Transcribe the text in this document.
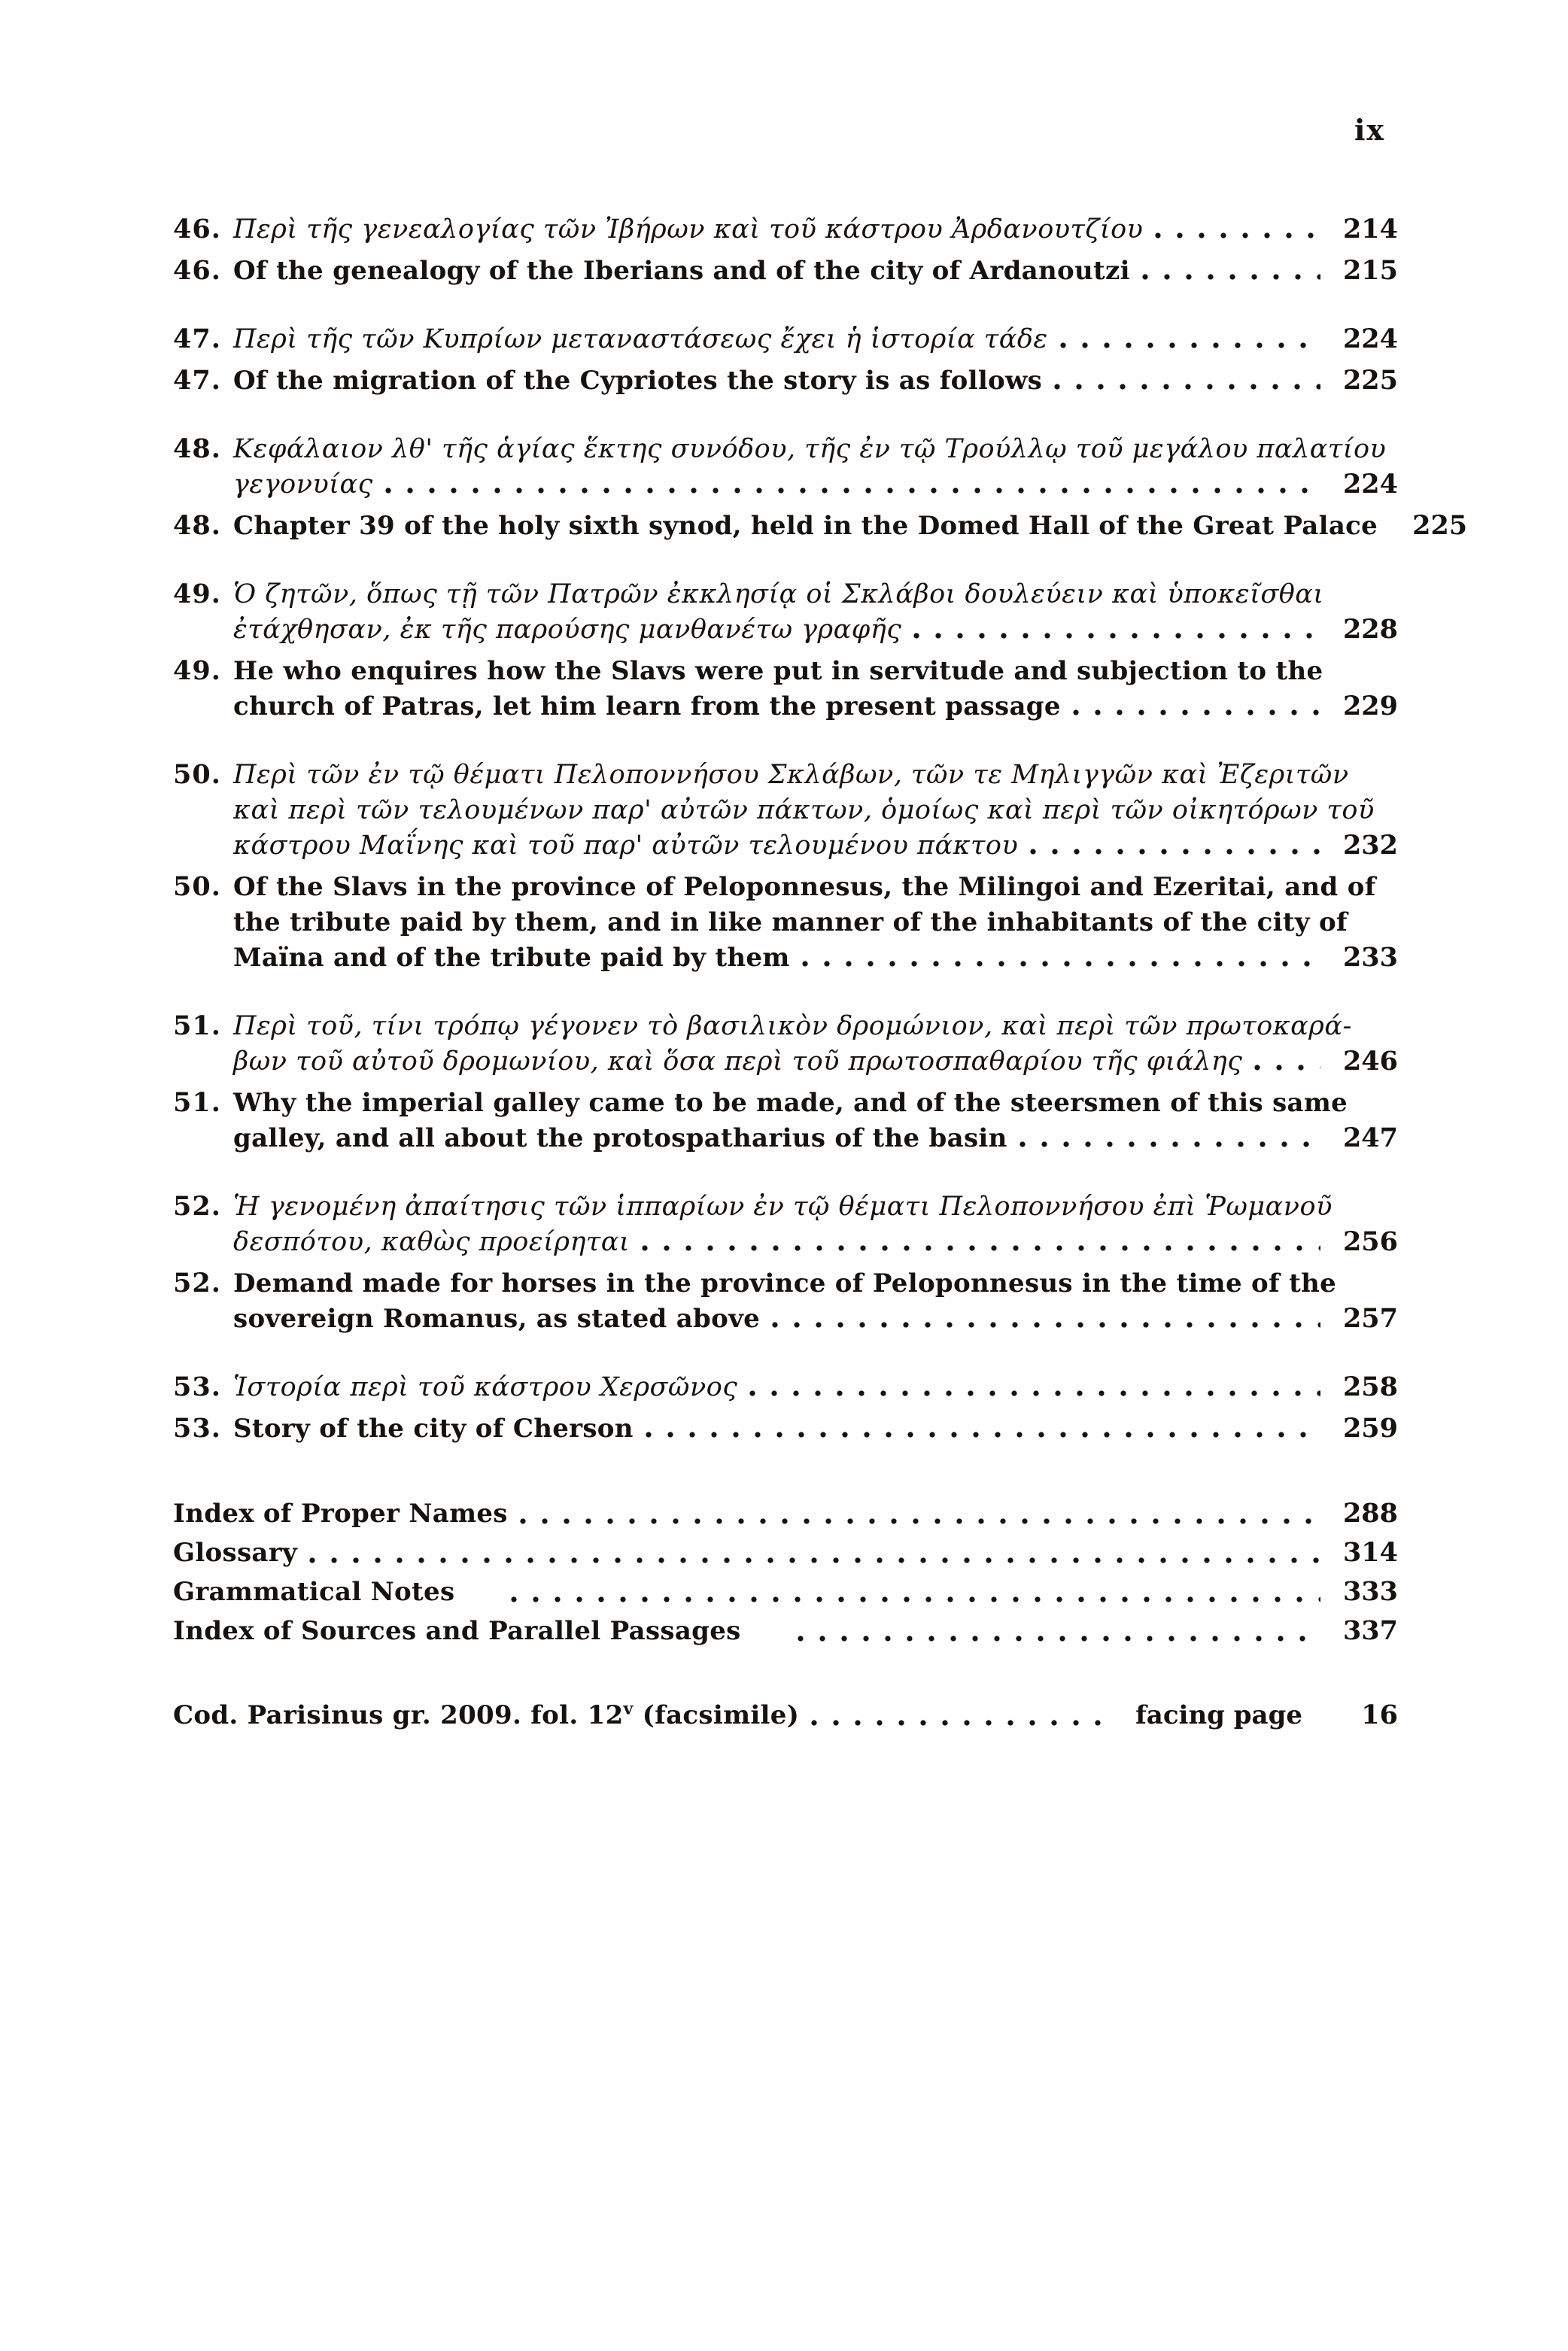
ix
46. Περὶ τῆς γενεαλογίας τῶν Ἰβήρων καὶ τοῦ κάστρου Ἀρδανουτζίου	214
46. Of the genealogy of the Iberians and of the city of Ardanoutzi	215
47. Περὶ τῆς τῶν Κυπρίων μεταναστάσεως ἔχει ἡ ἱστορία τάδε	224
47. Of the migration of the Cypriotes the story is as follows	225
48. Κεφάλαιον λθ' τῆς ἁγίας ἕκτης συνόδου, τῆς ἐν τῷ Τρούλλῳ τοῦ μεγάλου παλατίου
γεγονυίας	224
48. Chapter 39 of the holy sixth synod, held in the Domed Hall of the Great Palace 225
49. Ὁ ζητῶν, ὅπως τῇ τῶν Πατρῶν ἐκκλησίᾳ οἱ Σκλάβοι δουλεύειν καὶ ὑποκεῖσθαι
ἐτάχθησαν, ἐκ τῆς παρούσης μανθανέτω γραφῆς	228
49. He who enquires how the Slavs were put in servitude and subjection to the
church of Patras, let him learn from the present passage	229
50. Περὶ τῶν ἐν τῷ θέματι Πελοποννήσου Σκλάβων, τῶν τε Μηλιγγῶν καὶ Ἐζεριτῶν
καὶ περὶ τῶν τελουμένων παρ' αὐτῶν πάκτων, ὁμοίως καὶ περὶ τῶν οἰκητόρων τοῦ
κάστρου Μαΐνης καὶ τοῦ παρ' αὐτῶν τελουμένου πάκτου	232
50. Of the Slavs in the province of Peloponnesus, the Milingoi and Ezeritai, and of
the tribute paid by them, and in like manner of the inhabitants of the city of
Maïna and of the tribute paid by them	233
51. Περὶ τοῦ, τίνι τρόπῳ γέγονεν τὸ βασιλικὸν δρομώνιον, καὶ περὶ τῶν πρωτοκαρά-
βων τοῦ αὐτοῦ δρομωνίου, καὶ ὅσα περὶ τοῦ πρωτοσπαθαρίου τῆς φιάλης	246
51. Why the imperial galley came to be made, and of the steersmen of this same
galley, and all about the protospatharius of the basin	247
52. Ἡ γενομένη ἀπαίτησις τῶν ἱππαρίων ἐν τῷ θέματι Πελοποννήσου ἐπὶ Ῥωμανοῦ
δεσπότου, καθὼς προείρηται	256
52. Demand made for horses in the province of Peloponnesus in the time of the
sovereign Romanus, as stated above	257
53. Ἱστορία περὶ τοῦ κάστρου Χερσῶνος	258
53. Story of the city of Cherson	259
Index of Proper Names	288
Glossary	314
Grammatical Notes	333
Index of Sources and Parallel Passages	337
Cod. Parisinus gr. 2009. fol. 12$^v$ (facsimile)	facing page	16
